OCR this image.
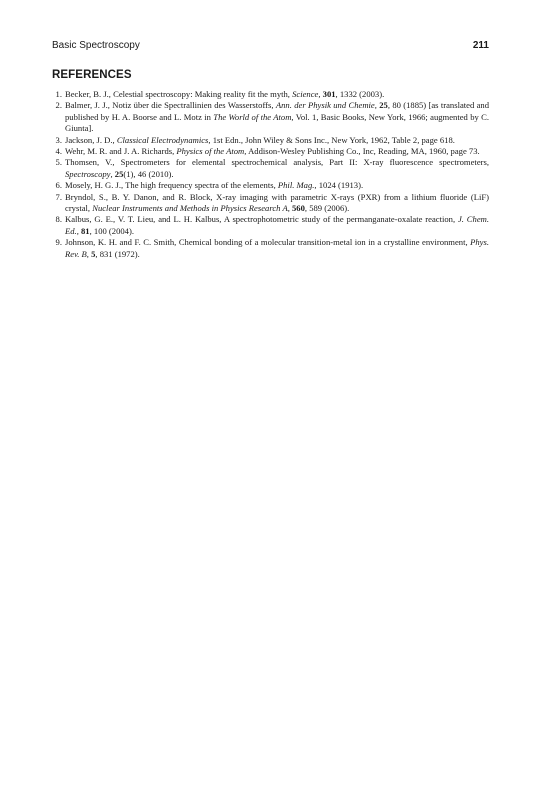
Basic Spectroscopy	211
REFERENCES
1. Becker, B. J., Celestial spectroscopy: Making reality fit the myth, Science, 301, 1332 (2003).
2. Balmer, J. J., Notiz über die Spectrallinien des Wasserstoffs, Ann. der Physik und Chemie, 25, 80 (1885) [as translated and published by H. A. Boorse and L. Motz in The World of the Atom, Vol. 1, Basic Books, New York, 1966; augmented by C. Giunta].
3. Jackson, J. D., Classical Electrodynamics, 1st Edn., John Wiley & Sons Inc., New York, 1962, Table 2, page 618.
4. Wehr, M. R. and J. A. Richards, Physics of the Atom, Addison-Wesley Publishing Co., Inc, Reading, MA, 1960, page 73.
5. Thomsen, V., Spectrometers for elemental spectrochemical analysis, Part II: X-ray fluorescence spectrometers, Spectroscopy, 25(1), 46 (2010).
6. Mosely, H. G. J., The high frequency spectra of the elements, Phil. Mag., 1024 (1913).
7. Bryndol, S., B. Y. Danon, and R. Block, X-ray imaging with parametric X-rays (PXR) from a lithium fluoride (LiF) crystal, Nuclear Instruments and Methods in Physics Research A, 560, 589 (2006).
8. Kalbus, G. E., V. T. Lieu, and L. H. Kalbus, A spectrophotometric study of the permanganate-oxalate reaction, J. Chem. Ed., 81, 100 (2004).
9. Johnson, K. H. and F. C. Smith, Chemical bonding of a molecular transition-metal ion in a crystalline environment, Phys. Rev. B, 5, 831 (1972).
